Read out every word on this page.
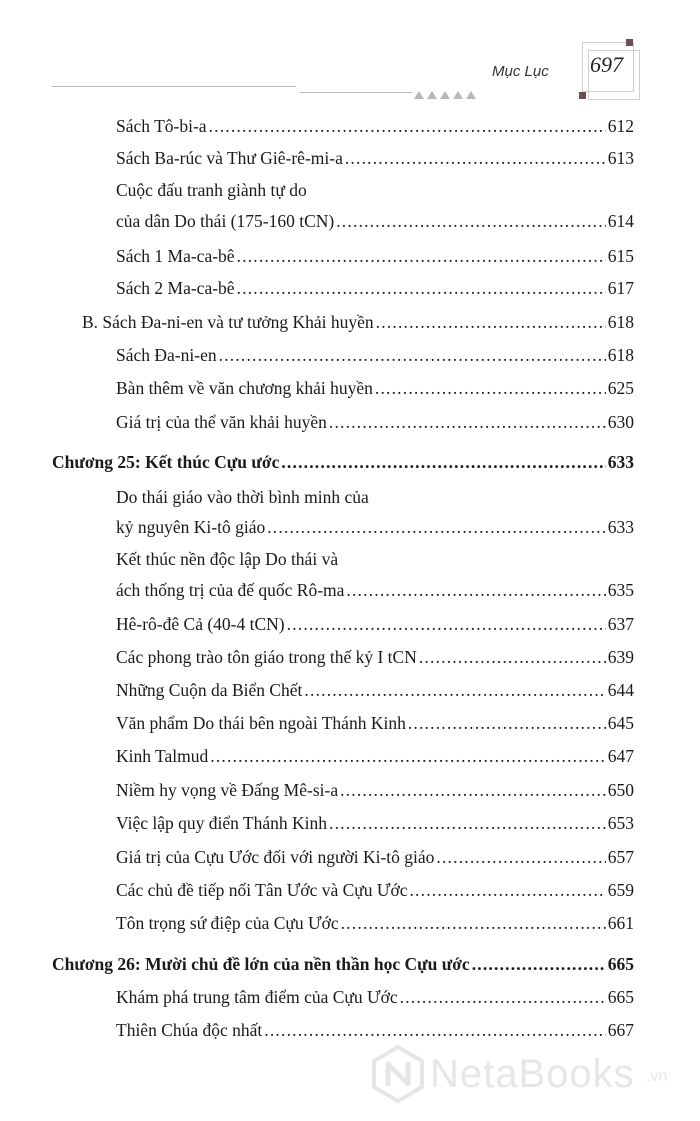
Mục Lục 697
Sách Tô-bi-a .....	612
Sách Ba-rúc và Thư Giê-rê-mi-a .....	613
Cuộc đấu tranh giành tự do
của dân Do thái (175-160 tCN) .....	614
Sách 1 Ma-ca-bê .....	615
Sách 2 Ma-ca-bê .....	617
B. Sách Đa-ni-en và tư tưởng Khải huyền .....	618
Sách Đa-ni-en .....	618
Bàn thêm về văn chương khải huyền .....	625
Giá trị của thể văn khải huyền .....	630
Chương 25: Kết thúc Cựu ước .....	633
Do thái giáo vào thời bình minh của
kỷ nguyên Ki-tô giáo .....	633
Kết thúc nền độc lập Do thái và
ách thống trị của đế quốc Rô-ma .....	635
Hê-rô-đê Cả (40-4 tCN) .....	637
Các phong trào tôn giáo trong thế kỷ I tCN .....	639
Những Cuộn da Biển Chết .....	644
Văn phẩm Do thái bên ngoài Thánh Kinh .....	645
Kinh Talmud .....	647
Niềm hy vọng về Đấng Mê-si-a .....	650
Việc lập quy điển Thánh Kinh .....	653
Giá trị của Cựu Ước đối với người Ki-tô giáo .....	657
Các chủ đề tiếp nối Tân Ước và Cựu Ước .....	659
Tôn trọng sứ điệp của Cựu Ước .....	661
Chương 26: Mười chủ đề lớn của nền thần học Cựu ước .....	665
Khám phá trung tâm điểm của Cựu Ước .....	665
Thiên Chúa độc nhất .....	667
NetaBooks .vn
